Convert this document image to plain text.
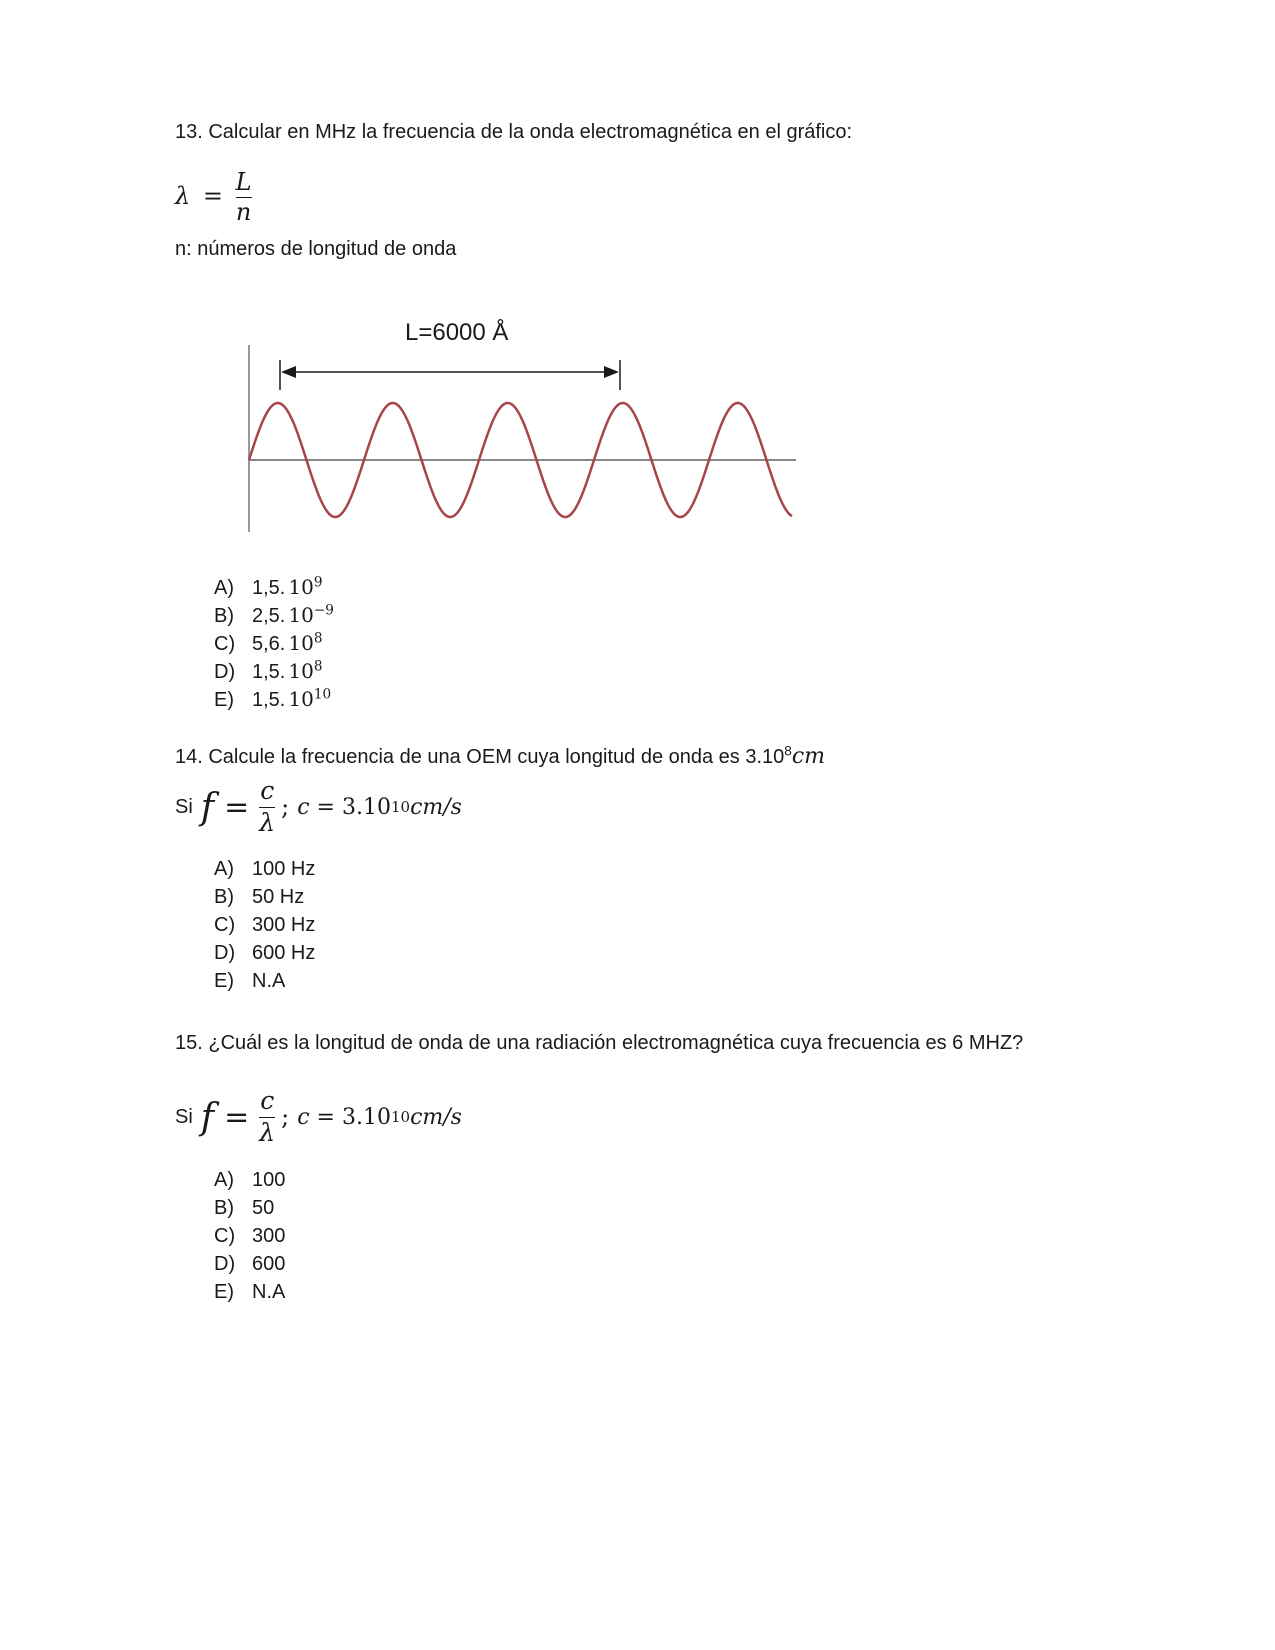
13. Calcular en MHz la frecuencia de la onda electromagnética en el gráfico:
$\lambda = \frac{L}{n}$
n: números de longitud de onda
L=6000 Å
A) 1,5. $10^9$
B) 2,5. $10^{-9}$
C) 5,6. $10^8$
D) 1,5. $10^8$
E) 1,5. $10^{10}$
14. Calcule la frecuencia de una OEM cuya longitud de onda es 3.10$^8$cm
Si $f = \frac{c}{\lambda}$ ; c = 3.10 10 cm/s
A) 100 Hz
B) 50 Hz
C) 300 Hz
D) 600 Hz
E) N.A
15. ¿Cuál es la longitud de onda de una radiación electromagnética cuya frecuencia es 6 MHZ?
Si $f = \frac{c}{\lambda}$ ; c = 3.10 10 cm/s
A) 100
B) 50
C) 300
D) 600
E) N.A
